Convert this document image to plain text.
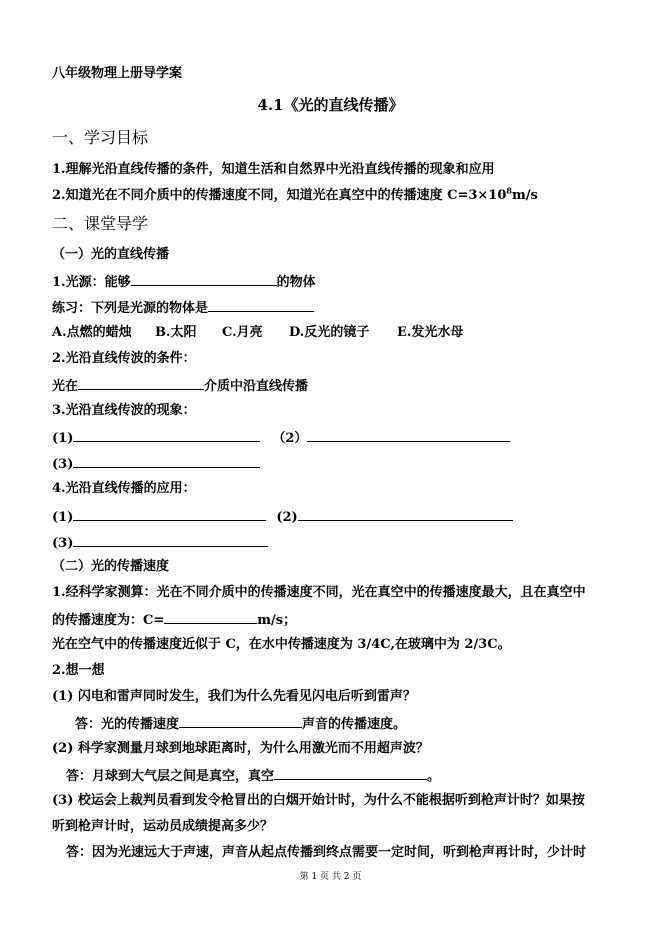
八年级物理上册导学案
4.1《光的直线传播》
一、学习目标
1.理解光沿直线传播的条件，知道生活和自然界中光沿直线传播的现象和应用
2.知道光在不同介质中的传播速度不同，知道光在真空中的传播速度 $C=3\times 10^8m/s$
二、课堂导学
（一）光的直线传播
1.光源：能够	的物体
练习：下列是光源的物体是
A.点燃的蜡烛 B.太阳 C.月亮 D.反光的镜子 E.发光水母
2.光沿直线传波的条件：
光在	介质中沿直线传播
3.光沿直线传波的现象：
(1)	（2）
(3)
4.光沿直线传播的应用：
(1)	(2)
(3)
（二）光的传播速度
1.经科学家测算：光在不同介质中的传播速度不同，光在真空中的传播速度最大，且在真空中
的传播速度为：C=	m/s；
光在空气中的传播速度近似于 C，在水中传播速度为 3/4C,在玻璃中为 2/3C。
2.想一想
(1) 闪电和雷声同时发生，我们为什么先看见闪电后听到雷声？
答：光的传播速度	声音的传播速度。
(2) 科学家测量月球到地球距离时，为什么用激光而不用超声波？
答：月球到大气层之间是真空，真空	。
(3) 校运会上裁判员看到发令枪冒出的白烟开始计时，为什么不能根据听到枪声计时？如果按
听到枪声计时，运动员成绩提高多少？
答：因为光速远大于声速，声音从起点传播到终点需要一定时间，听到枪声再计时，少计时
第 1 页 共 2 页
